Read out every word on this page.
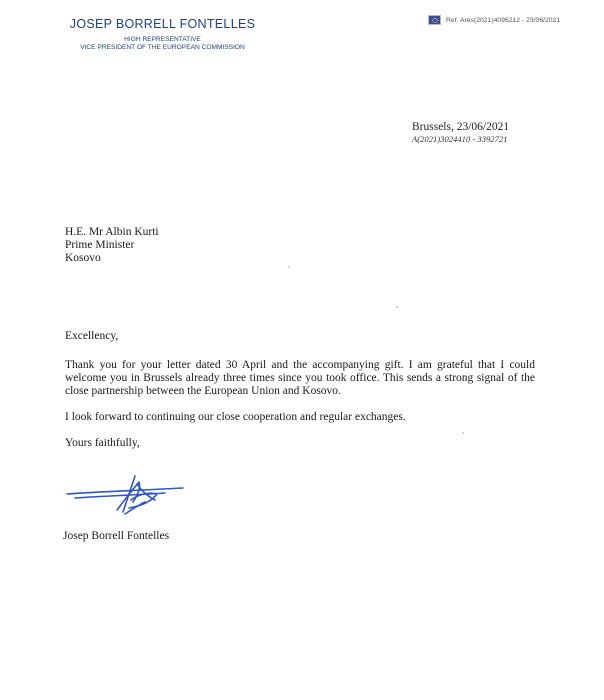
JOSEP BORRELL FONTELLES
HIGH REPRESENTATIVE
VICE PRESIDENT OF THE EUROPEAN COMMISSION
Ref. Ares(2021)4096212 - 23/06/2021
Brussels, 23/06/2021
A(2021)3024410 - 3392721
H.E. Mr Albin Kurti
Prime Minister
Kosovo

Excellency,

Thank you for your letter dated 30 April and the accompanying gift. I am grateful that I could welcome you in Brussels already three times since you took office. This sends a strong signal of the close partnership between the European Union and Kosovo.

I look forward to continuing our close cooperation and regular exchanges.

Yours faithfully,

Josep Borrell Fontelles
